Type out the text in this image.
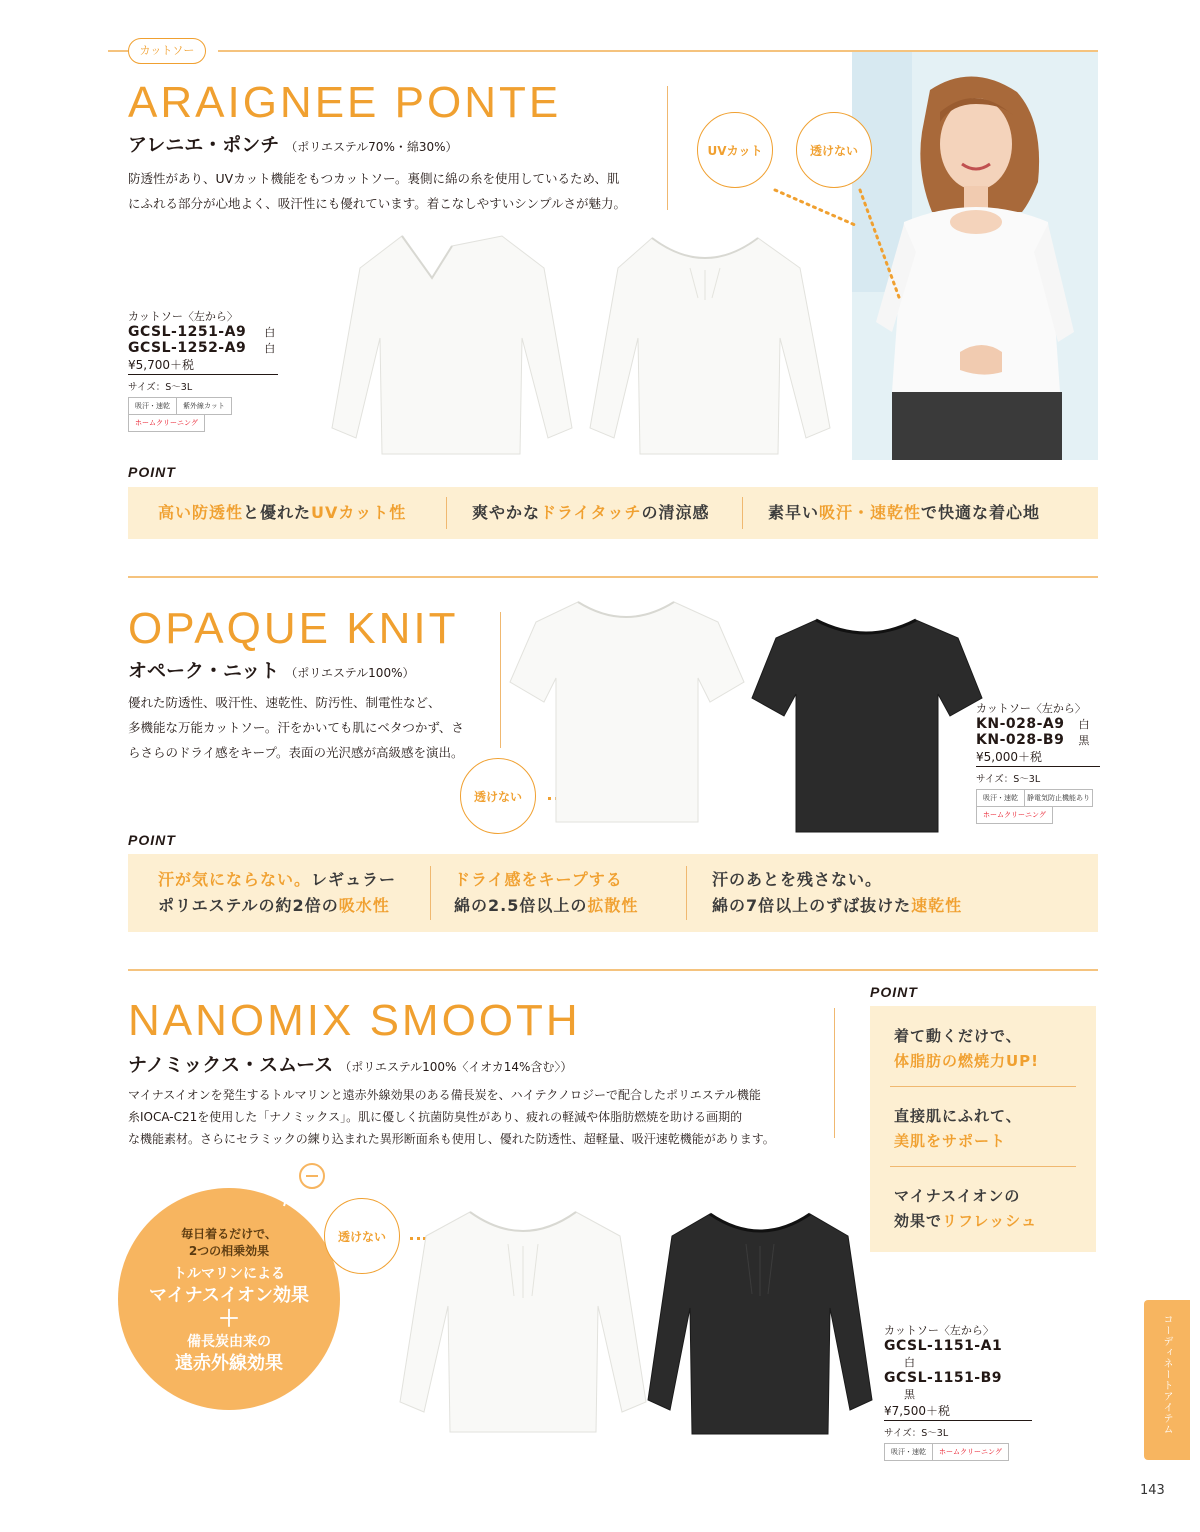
カットソー
ARAIGNEE PONTE
アレニエ・ポンチ （ポリエステル70%・綿30%）
防透性があり、UVカット機能をもつカットソー。裏側に綿の糸を使用しているため、肌
にふれる部分が心地よく、吸汗性にも優れています。着こなしやすいシンプルさが魅力。
UVカット	透けない
カットソー〈左から〉
GCSL-1251-A9 白
GCSL-1252-A9 白
¥5,700＋税
サイズ：S～3L
吸汗・速乾	紫外線カット
ホームクリーニング
POINT
高い防透性と優れたUVカット性	爽やかなドライタッチの清涼感	素早い吸汗・速乾性で快適な着心地
OPAQUE KNIT
オペーク・ニット （ポリエステル100%）
優れた防透性、吸汗性、速乾性、防汚性、制電性など、
多機能な万能カットソー。汗をかいても肌にベタつかず、さ
らさらのドライ感をキープ。表面の光沢感が高級感を演出。
透けない
カットソー〈左から〉
KN-028-A9 白
KN-028-B9 黒
¥5,000＋税
サイズ：S～3L
吸汗・速乾	静電気防止機能あり
ホームクリーニング
POINT
汗が気にならない。レギュラー
ポリエステルの約2倍の吸水性
ドライ感をキープする
綿の2.5倍以上の拡散性
汗のあとを残さない。
綿の7倍以上のずば抜けた速乾性
NANOMIX SMOOTH
ナノミックス・スムース （ポリエステル100%〈イオカ14%含む〉）
マイナスイオンを発生するトルマリンと遠赤外線効果のある備長炭を、ハイテクノロジーで配合したポリエステル機能
糸IOCA-C21を使用した「ナノミックス」。肌に優しく抗菌防臭性があり、疲れの軽減や体脂肪燃焼を助ける画期的
な機能素材。さらにセラミックの練り込まれた異形断面糸も使用し、優れた防透性、超軽量、吸汗速乾機能があります。
POINT
着て動くだけで、
体脂肪の燃焼力UP!
直接肌にふれて、
美肌をサポート
マイナスイオンの
効果でリフレッシュ
毎日着るだけで、
2つの相乗効果
トルマリンによる
マイナスイオン効果
＋
備長炭由来の
遠赤外線効果
透けない
カットソー〈左から〉
GCSL-1151-A1白
GCSL-1151-B9黒
¥7,500＋税
サイズ：S～3L
吸汗・速乾	ホームクリーニング
コーディネートアイテム
143
